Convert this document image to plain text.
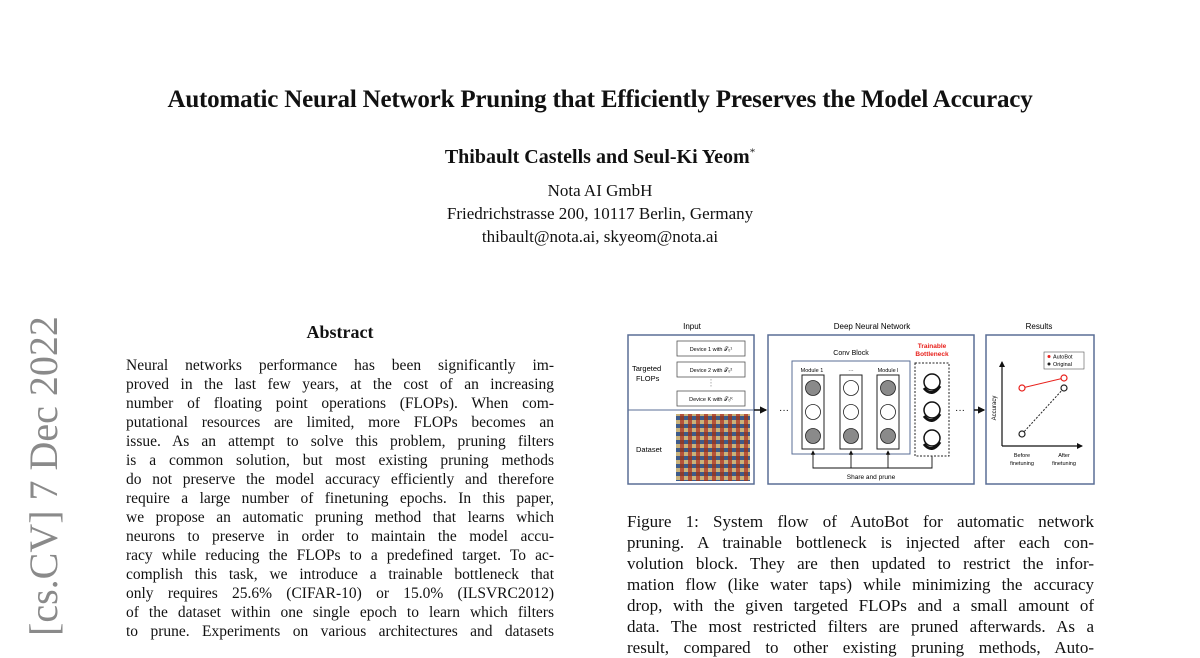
Automatic Neural Network Pruning that Efficiently Preserves the Model Accuracy
Thibault Castells and Seul-Ki Yeom*
Nota AI GmbH
Friedrichstrasse 200, 10117 Berlin, Germany
thibault@nota.ai, skyeom@nota.ai
[cs.CV] 7 Dec 2022	Abstract
Neural networks performance has been significantly im-
proved in the last few years, at the cost of an increasing
number of floating point operations (FLOPs). When com-
putational resources are limited, more FLOPs becomes an
issue. As an attempt to solve this problem, pruning filters
is a common solution, but most existing pruning methods
do not preserve the model accuracy efficiently and therefore
require a large number of finetuning epochs. In this paper,
we propose an automatic pruning method that learns which
neurons to preserve in order to maintain the model accu-
racy while reducing the FLOPs to a predefined target. To ac-
complish this task, we introduce a trainable bottleneck that
only requires 25.6% (CIFAR-10) or 15.0% (ILSVRC2012)
of the dataset within one single epoch to learn which filters
to prune. Experiments on various architectures and datasets
Input	Deep Neural Network	Results
Targeted FLOPs
Device 1 with 𝒯₀¹
Device 2 with 𝒯₀²
Device K with 𝒯₀ᴷ
Dataset
···
Conv Block
Module 1	···	Module l
Trainable Bottleneck
···
Share and prune
AutoBot
Original
Accuracy
Before finetuning
After finetuning
Figure 1: System flow of AutoBot for automatic network
pruning. A trainable bottleneck is injected after each con-
volution block. They are then updated to restrict the infor-
mation flow (like water taps) while minimizing the accuracy
drop, with the given targeted FLOPs and a small amount of
data. The most restricted filters are pruned afterwards. As a
result, compared to other existing pruning methods, Auto-
